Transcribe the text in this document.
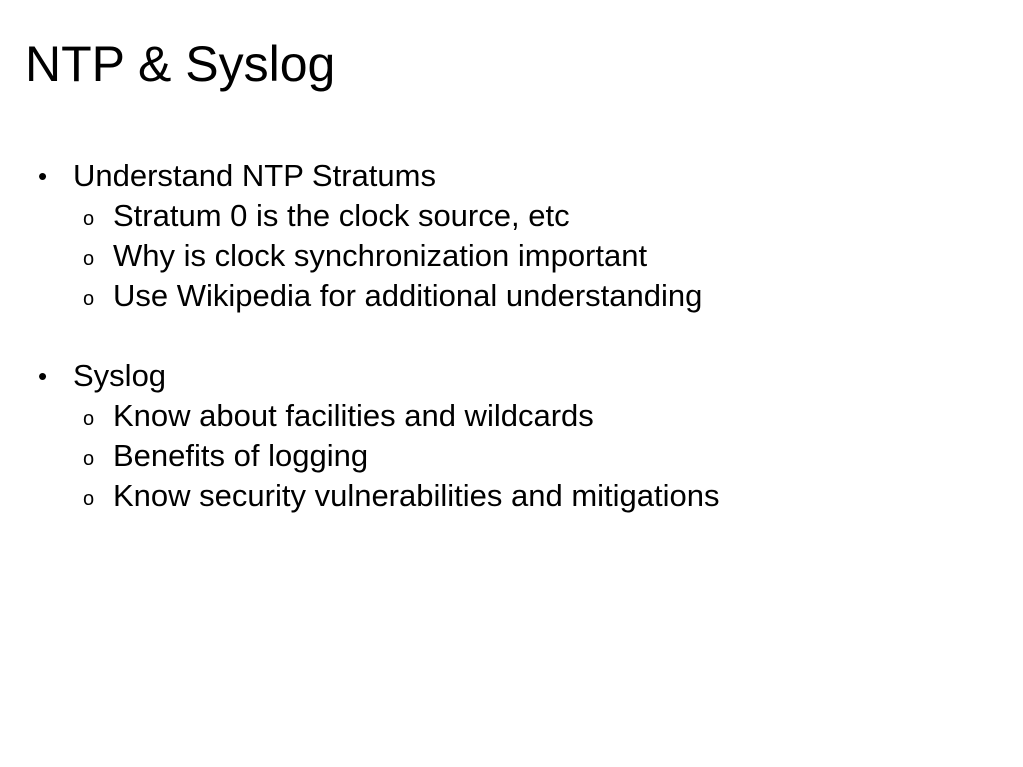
NTP & Syslog
• Understand NTP Stratums
o Stratum 0 is the clock source, etc
o Why is clock synchronization important
o Use Wikipedia for additional understanding
• Syslog
o Know about facilities and wildcards
o Benefits of logging
o Know security vulnerabilities and mitigations
